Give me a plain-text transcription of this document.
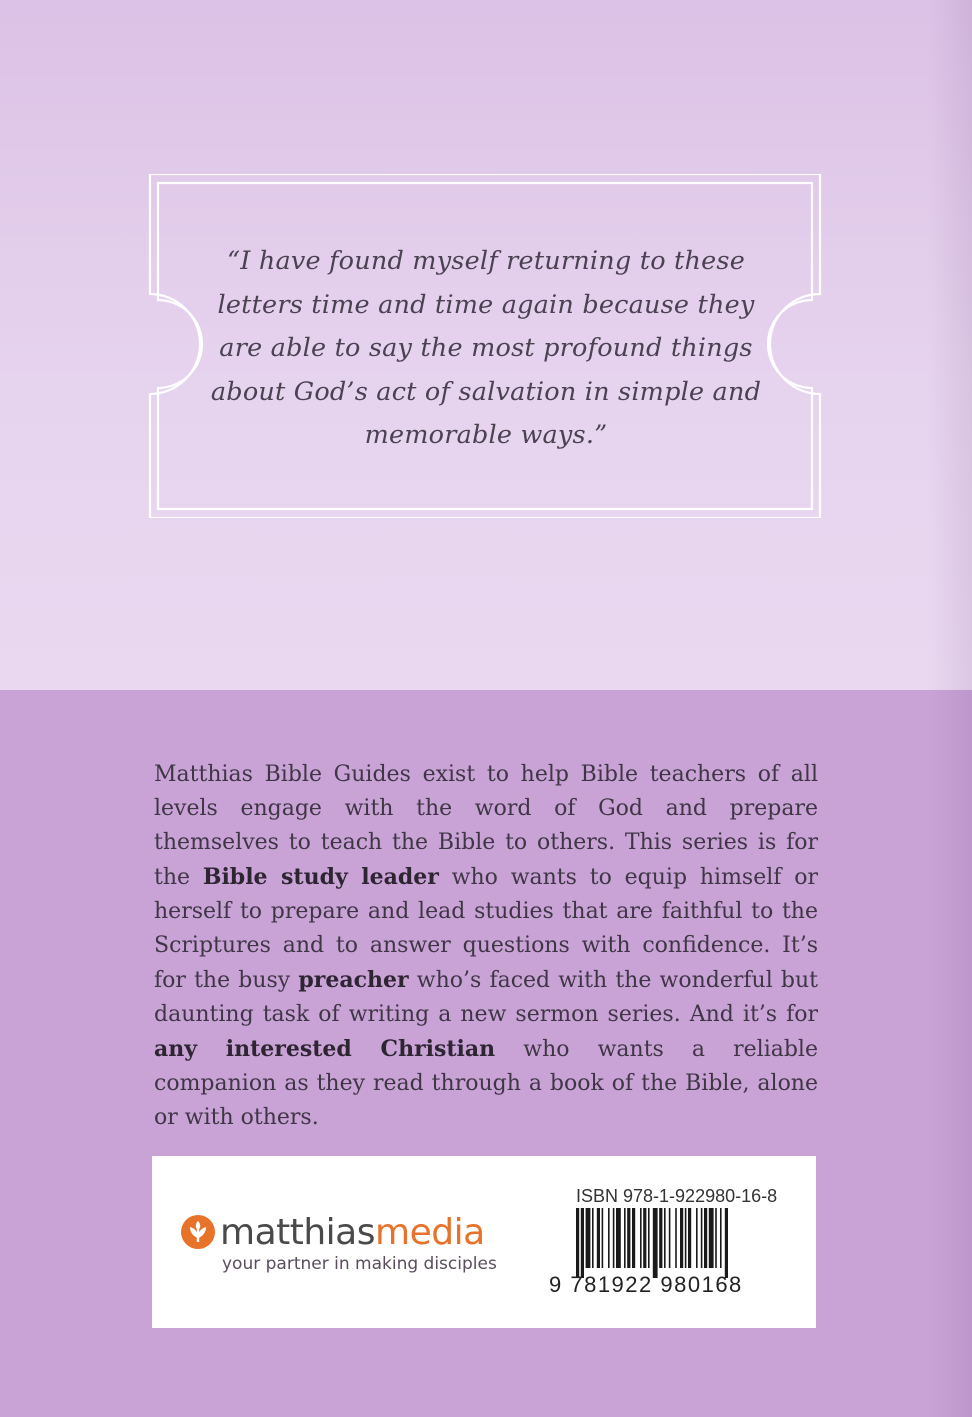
“I have found myself returning to these letters time and time again because they are able to say the most profound things about God’s act of salvation in simple and memorable ways.”

Matthias Bible Guides exist to help Bible teachers of all levels engage with the word of God and prepare themselves to teach the Bible to others. This series is for the Bible study leader who wants to equip himself or herself to prepare and lead studies that are faithful to the Scriptures and to answer questions with confidence. It’s for the busy preacher who’s faced with the wonderful but daunting task of writing a new sermon series. And it’s for any interested Christian who wants a reliable companion as they read through a book of the Bible, alone or with others.

matthiasmedia
your partner in making disciples
ISBN 978-1-922980-16-8
9 781922 980168
